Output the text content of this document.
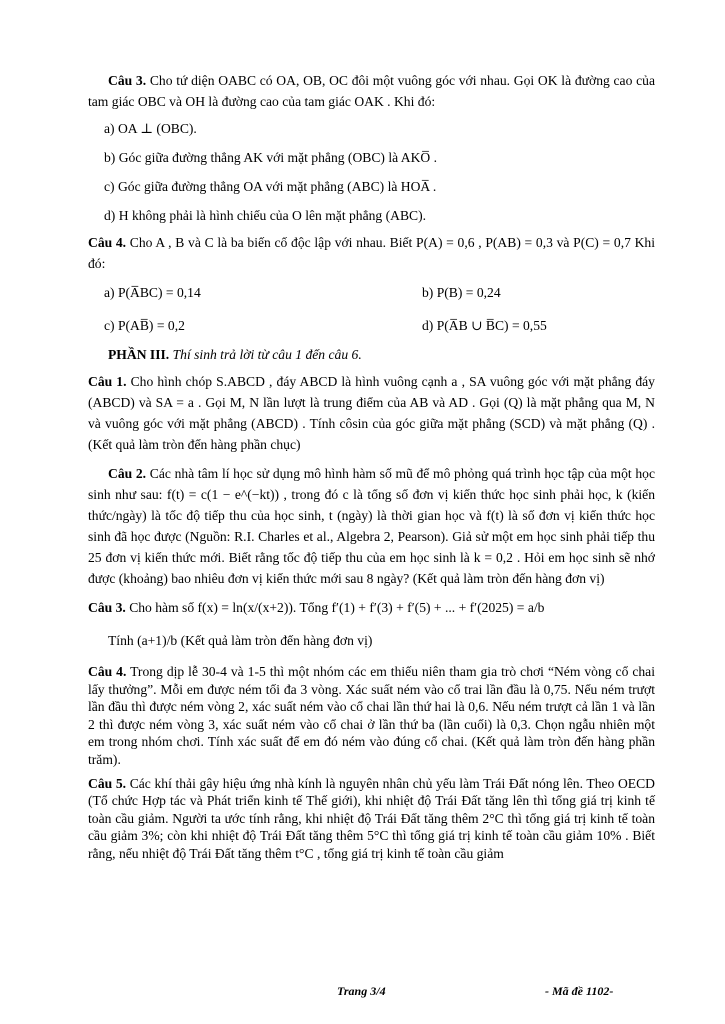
Câu 3. Cho tứ diện OABC có OA, OB, OC đôi một vuông góc với nhau. Gọi OK là đường cao của tam giác OBC và OH là đường cao của tam giác OAK . Khi đó:

a) OA ⊥ (OBC).

b) Góc giữa đường thẳng AK với mặt phẳng (OBC) là AKO̅ .

c) Góc giữa đường thẳng OA với mặt phẳng (ABC) là HOA̅ .

d) H không phải là hình chiếu của O lên mặt phẳng (ABC).

Câu 4. Cho A , B và C là ba biến cố độc lập với nhau. Biết P(A) = 0,6 , P(AB) = 0,3 và P(C) = 0,7 Khi đó:

a) P(A̅BC) = 0,14	b) P(B) = 0,24
c) P(AB̅) = 0,2	d) P(A̅B ∪ B̅C) = 0,55

PHẦN III. Thí sinh trả lời từ câu 1 đến câu 6.

Câu 1. Cho hình chóp S.ABCD , đáy ABCD là hình vuông cạnh a , SA vuông góc với mặt phẳng đáy (ABCD) và SA = a . Gọi M, N lần lượt là trung điểm của AB và AD . Gọi (Q) là mặt phẳng qua M, N và vuông góc với mặt phẳng (ABCD) . Tính côsin của góc giữa mặt phẳng (SCD) và mặt phẳng (Q) . (Kết quả làm tròn đến hàng phần chục)

Câu 2. Các nhà tâm lí học sử dụng mô hình hàm số mũ để mô phỏng quá trình học tập của một học sinh như sau: f(t) = c(1 − e^(−kt)) , trong đó c là tổng số đơn vị kiến thức học sinh phải học, k (kiến thức/ngày) là tốc độ tiếp thu của học sinh, t (ngày) là thời gian học và f(t) là số đơn vị kiến thức học sinh đã học được (Nguồn: R.I. Charles et al., Algebra 2, Pearson). Giả sử một em học sinh phải tiếp thu 25 đơn vị kiến thức mới. Biết rằng tốc độ tiếp thu của em học sinh là k = 0,2 . Hỏi em học sinh sẽ nhớ được (khoảng) bao nhiêu đơn vị kiến thức mới sau 8 ngày? (Kết quả làm tròn đến hàng đơn vị)

Câu 3. Cho hàm số f(x) = ln(x/(x+2)). Tổng f′(1) + f′(3) + f′(5) + ... + f′(2025) = a/b

Tính (a+1)/b (Kết quả làm tròn đến hàng đơn vị)

Câu 4. Trong dịp lễ 30-4 và 1-5 thì một nhóm các em thiếu niên tham gia trò chơi “Ném vòng cổ chai lấy thưởng”. Mỗi em được ném tối đa 3 vòng. Xác suất ném vào cổ trai lần đầu là 0,75. Nếu ném trượt lần đầu thì được ném vòng 2, xác suất ném vào cổ chai lần thứ hai là 0,6. Nếu ném trượt cả lần 1 và lần 2 thì được ném vòng 3, xác suất ném vào cổ chai ở lần thứ ba (lần cuối) là 0,3. Chọn ngẫu nhiên một em trong nhóm chơi. Tính xác suất để em đó ném vào đúng cổ chai. (Kết quả làm tròn đến hàng phần trăm).

Câu 5. Các khí thải gây hiệu ứng nhà kính là nguyên nhân chủ yếu làm Trái Đất nóng lên. Theo OECD (Tổ chức Hợp tác và Phát triển kinh tế Thế giới), khi nhiệt độ Trái Đất tăng lên thì tổng giá trị kinh tế toàn cầu giảm. Người ta ước tính rằng, khi nhiệt độ Trái Đất tăng thêm 2°C thì tổng giá trị kinh tế toàn cầu giảm 3%; còn khi nhiệt độ Trái Đất tăng thêm 5°C thì tổng giá trị kinh tế toàn cầu giảm 10% . Biết rằng, nếu nhiệt độ Trái Đất tăng thêm t°C , tổng giá trị kinh tế toàn cầu giảm

Trang 3/4	- Mã đề 1102-
